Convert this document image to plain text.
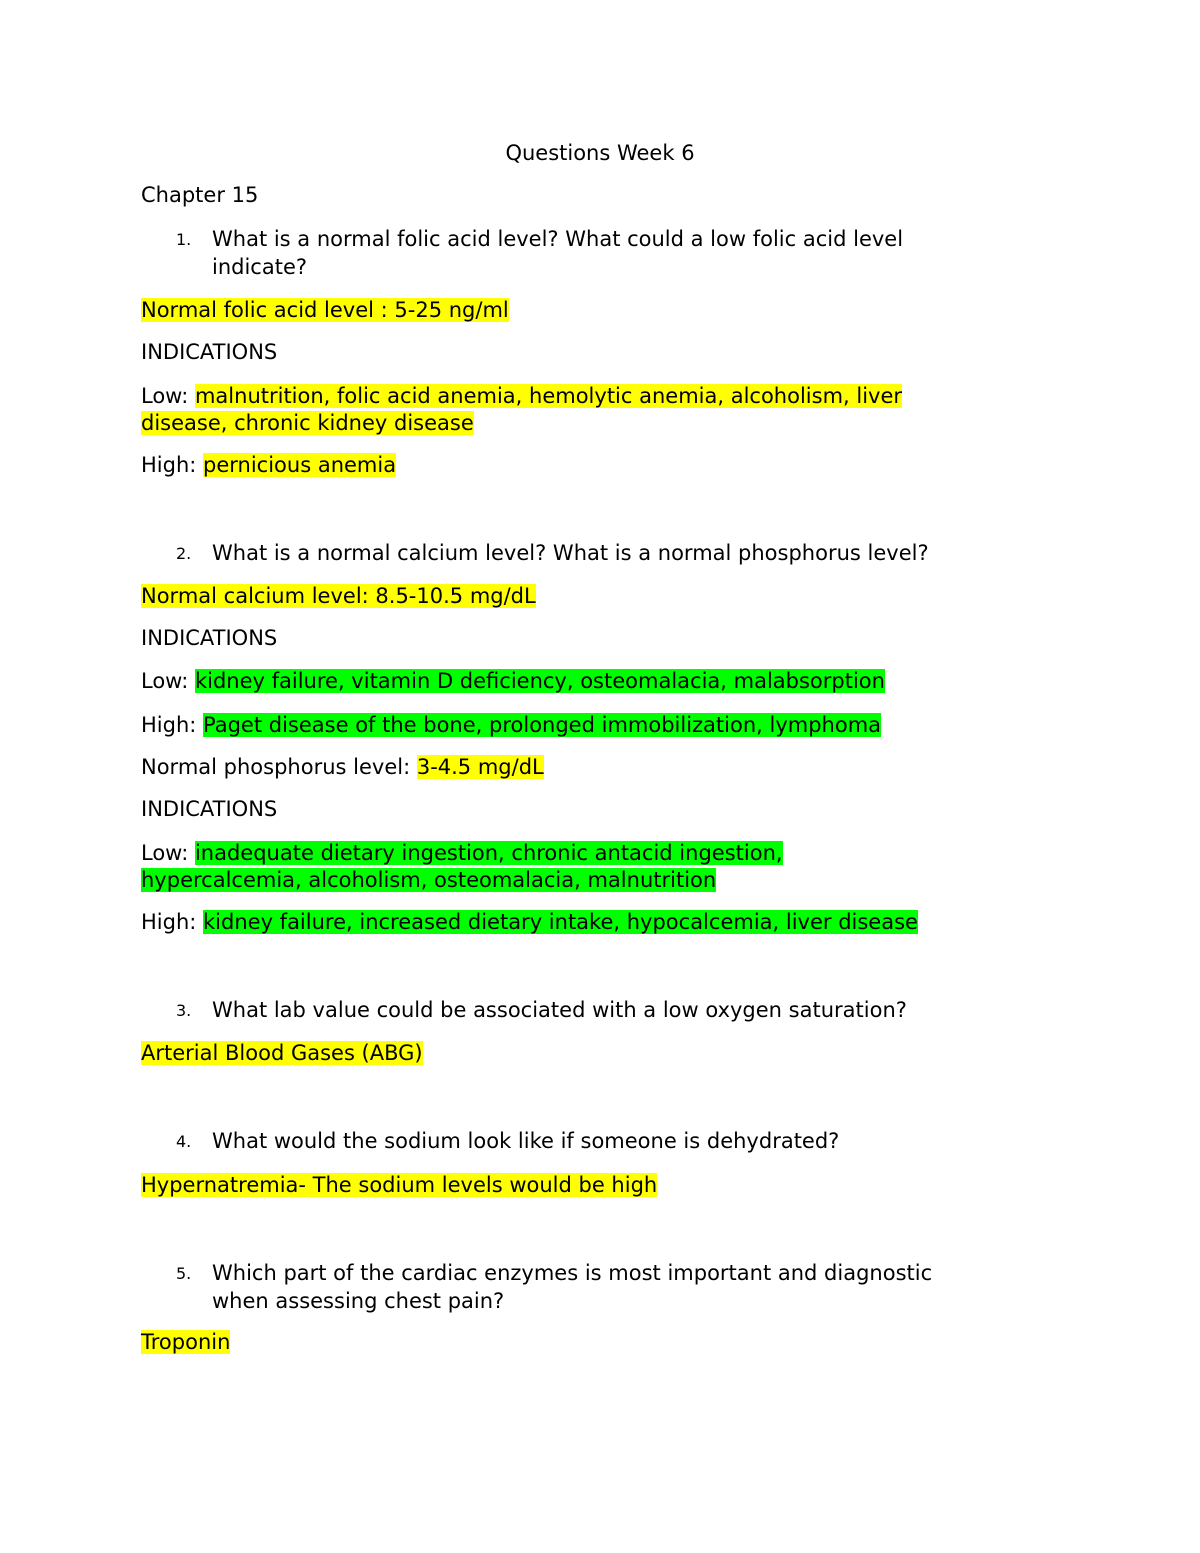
Questions Week 6
Chapter 15
1. What is a normal folic acid level? What could a low folic acid level
indicate?
Normal folic acid level : 5-25 ng/ml
INDICATIONS
Low: malnutrition, folic acid anemia, hemolytic anemia, alcoholism, liver
disease, chronic kidney disease
High: pernicious anemia
2. What is a normal calcium level? What is a normal phosphorus level?
Normal calcium level: 8.5-10.5 mg/dL
INDICATIONS
Low: kidney failure, vitamin D deficiency, osteomalacia, malabsorption
High: Paget disease of the bone, prolonged immobilization, lymphoma
Normal phosphorus level: 3-4.5 mg/dL
INDICATIONS
Low: inadequate dietary ingestion, chronic antacid ingestion,
hypercalcemia, alcoholism, osteomalacia, malnutrition
High: kidney failure, increased dietary intake, hypocalcemia, liver disease
3. What lab value could be associated with a low oxygen saturation?
Arterial Blood Gases (ABG)
4. What would the sodium look like if someone is dehydrated?
Hypernatremia- The sodium levels would be high
5. Which part of the cardiac enzymes is most important and diagnostic
when assessing chest pain?
Troponin
